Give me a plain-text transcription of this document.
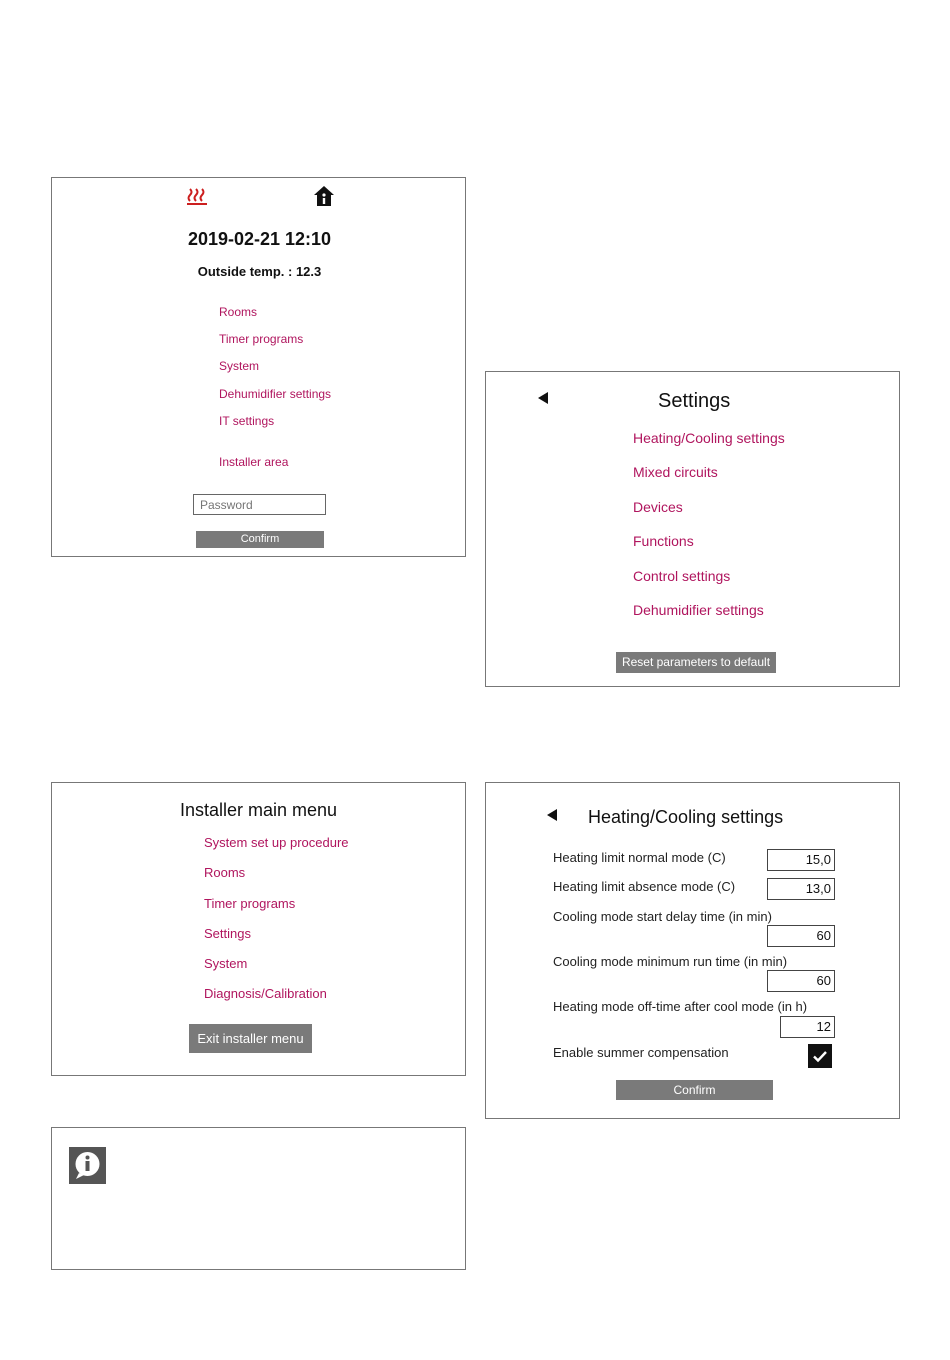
2019-02-21 12:10
Outside temp. : 12.3
Rooms
Timer programs
System
Dehumidifier settings
IT settings
Installer area
Password
Confirm
Settings
Heating/Cooling settings
Mixed circuits
Devices
Functions
Control settings
Dehumidifier settings
Reset parameters to default
Installer main menu
System set up procedure
Rooms
Timer programs
Settings
System
Diagnosis/Calibration
Exit installer menu
Heating/Cooling settings
Heating limit normal mode (C)	15,0
Heating limit absence mode (C)	13,0
Cooling mode start delay time (in min)
60
Cooling mode minimum run time (in min)
60
Heating mode off-time after cool mode (in h)
12
Enable summer compensation
Confirm
